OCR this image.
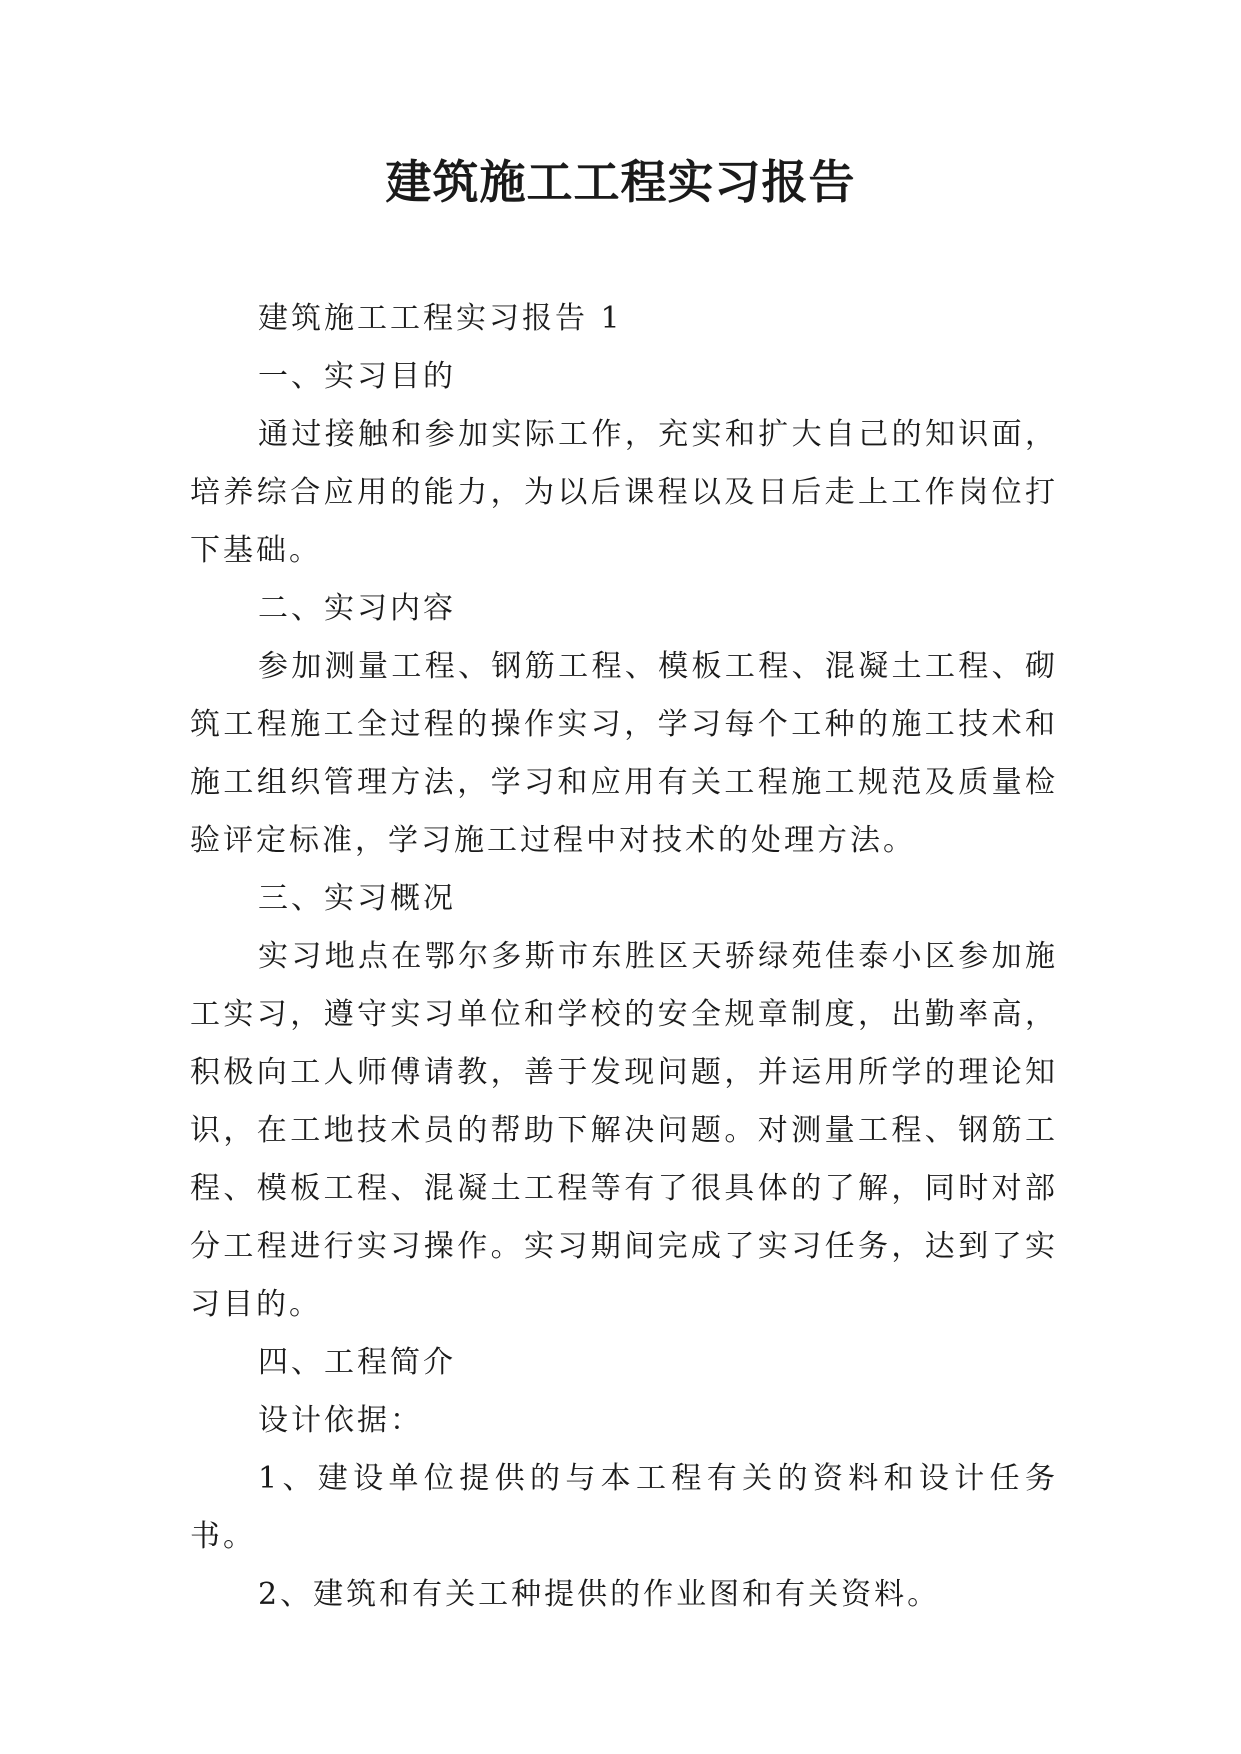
建筑施工工程实习报告

建筑施工工程实习报告 1

一、实习目的

通过接触和参加实际工作，充实和扩大自己的知识面，培养综合应用的能力，为以后课程以及日后走上工作岗位打下基础。

二、实习内容

参加测量工程、钢筋工程、模板工程、混凝土工程、砌筑工程施工全过程的操作实习，学习每个工种的施工技术和施工组织管理方法，学习和应用有关工程施工规范及质量检验评定标准，学习施工过程中对技术的处理方法。

三、实习概况

实习地点在鄂尔多斯市东胜区天骄绿苑佳泰小区参加施工实习，遵守实习单位和学校的安全规章制度，出勤率高，积极向工人师傅请教，善于发现问题，并运用所学的理论知识，在工地技术员的帮助下解决问题。对测量工程、钢筋工程、模板工程、混凝土工程等有了很具体的了解，同时对部分工程进行实习操作。实习期间完成了实习任务，达到了实习目的。

四、工程简介

设计依据：

1、建设单位提供的与本工程有关的资料和设计任务书。

2、建筑和有关工种提供的作业图和有关资料。
